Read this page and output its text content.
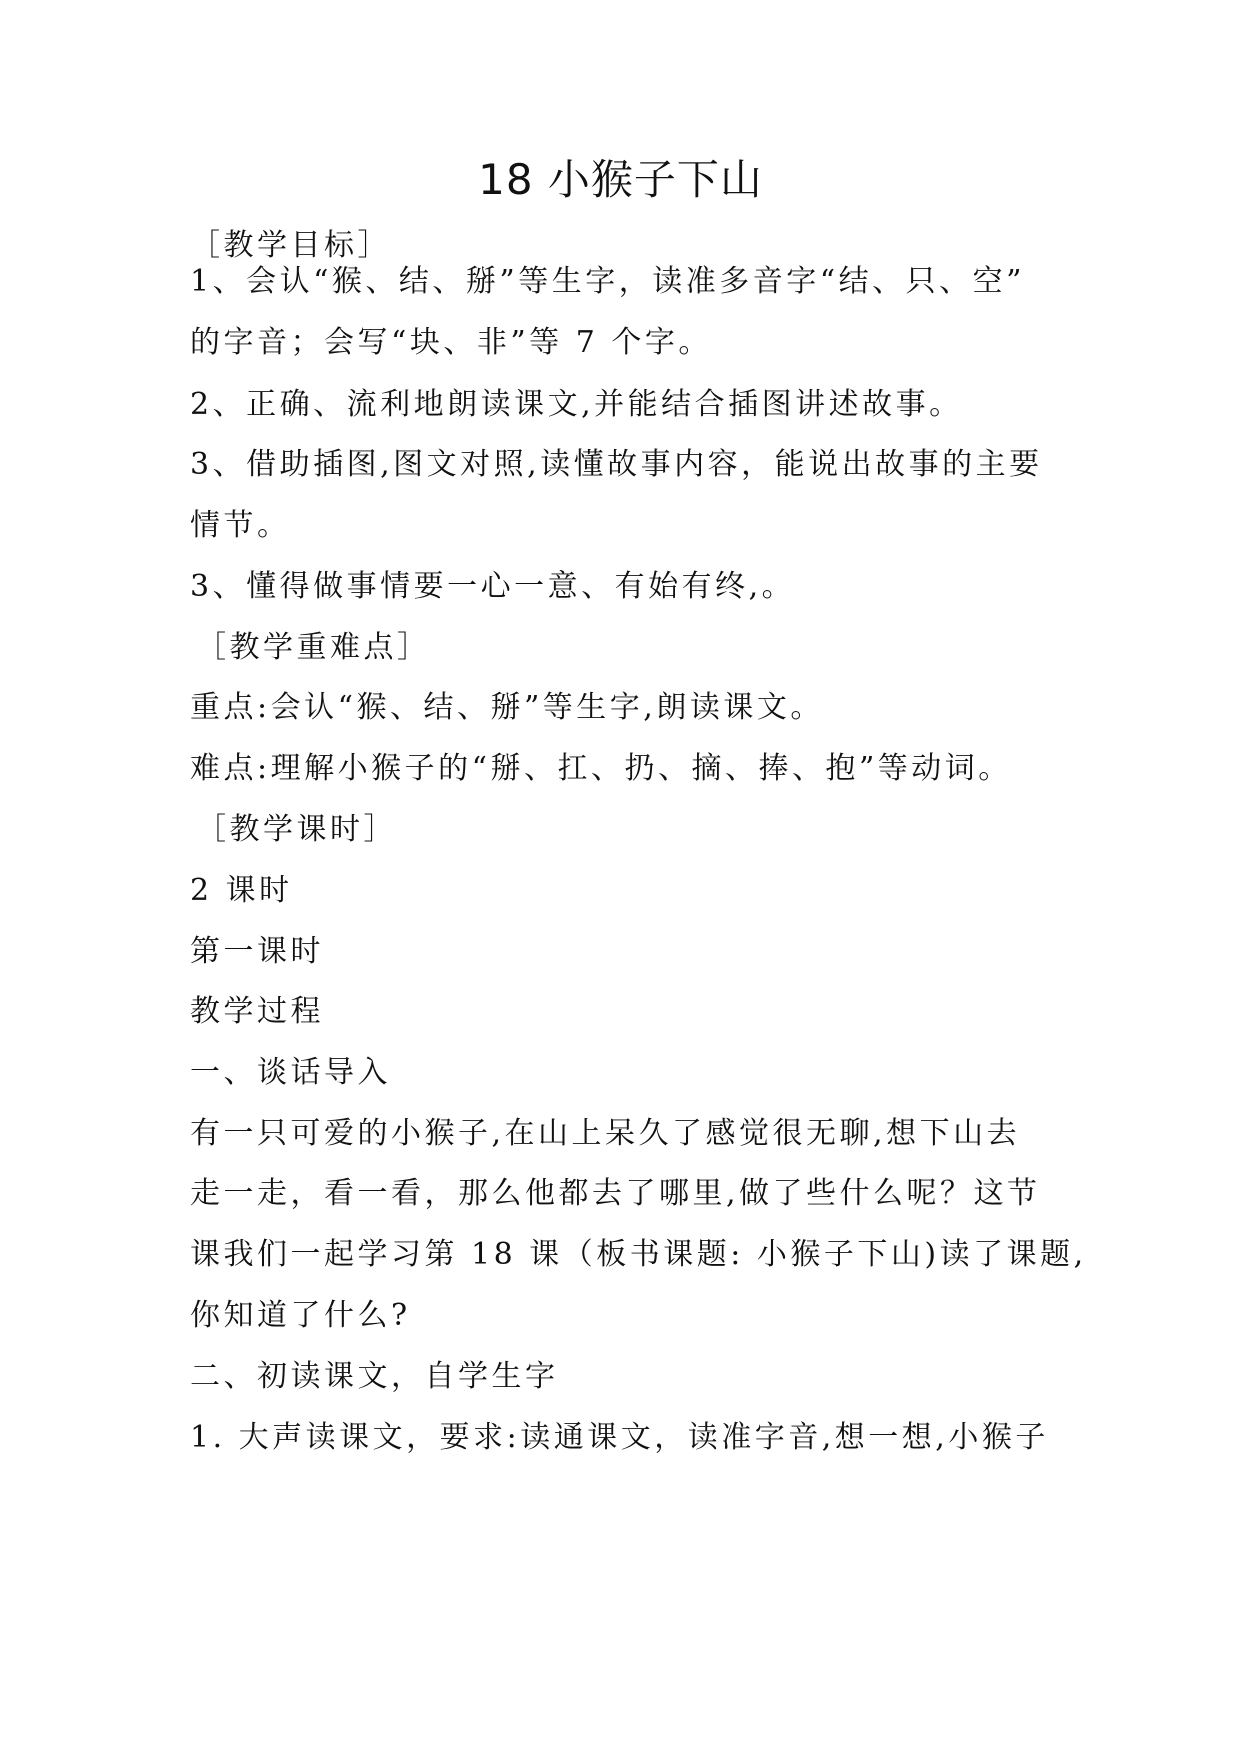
18 小猴子下山
［教学目标］
1、会认“猴、结、掰”等生字，读准多音字“结、只、空”
的字音；会写“块、非”等 7 个字。
2、正确、流利地朗读课文,并能结合插图讲述故事。
3、借助插图,图文对照,读懂故事内容，能说出故事的主要
情节。
3、懂得做事情要一心一意、有始有终,。
［教学重难点］
重点:会认“猴、结、掰”等生字,朗读课文。
难点:理解小猴子的“掰、扛、扔、摘、捧、抱”等动词。
［教学课时］
2 课时
第一课时
教学过程
一、谈话导入
有一只可爱的小猴子,在山上呆久了感觉很无聊,想下山去
走一走，看一看，那么他都去了哪里,做了些什么呢？这节
课我们一起学习第 18 课（板书课题: 小猴子下山)读了课题,
你知道了什么?
二、初读课文，自学生字
1. 大声读课文，要求:读通课文，读准字音,想一想,小猴子
